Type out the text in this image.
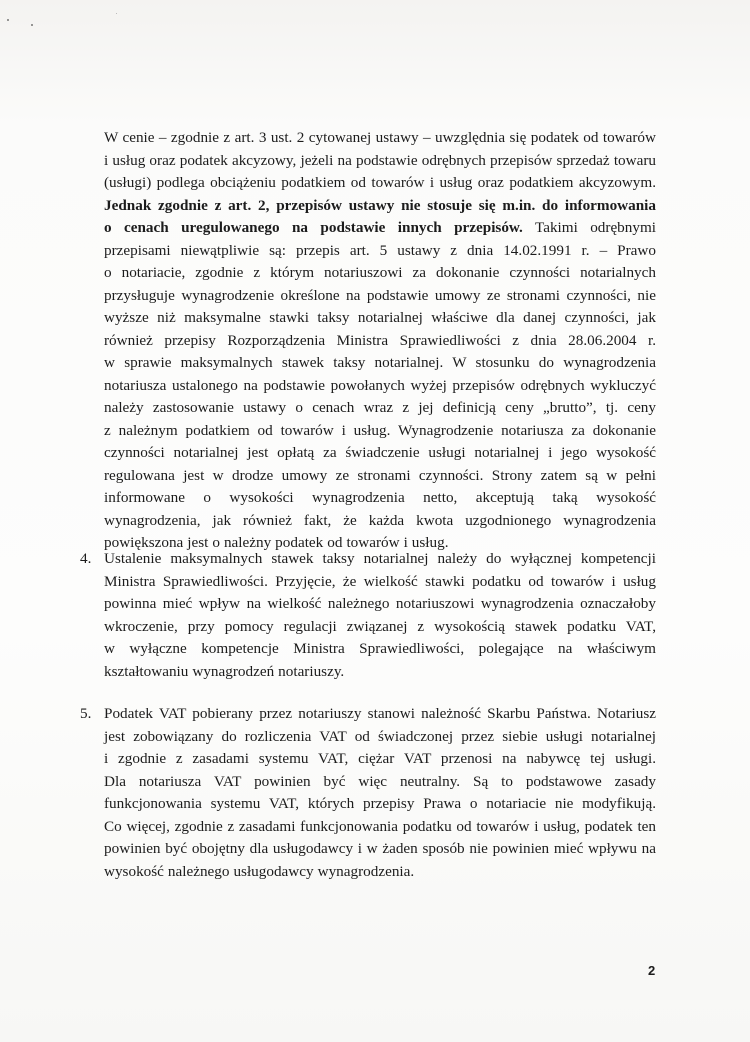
W cenie – zgodnie z art. 3 ust. 2 cytowanej ustawy – uwzględnia się podatek od towarów
i usług oraz podatek akcyzowy, jeżeli na podstawie odrębnych przepisów sprzedaż towaru
(usługi) podlega obciążeniu podatkiem od towarów i usług oraz podatkiem akcyzowym.
Jednak zgodnie z art. 2, przepisów ustawy nie stosuje się m.in. do informowania
o cenach uregulowanego na podstawie innych przepisów. Takimi odrębnymi
przepisami niewątpliwie są: przepis art. 5 ustawy z dnia 14.02.1991 r. – Prawo
o notariacie, zgodnie z którym notariuszowi za dokonanie czynności notarialnych
przysługuje wynagrodzenie określone na podstawie umowy ze stronami czynności, nie
wyższe niż maksymalne stawki taksy notarialnej właściwe dla danej czynności, jak
również przepisy Rozporządzenia Ministra Sprawiedliwości z dnia 28.06.2004 r.
w sprawie maksymalnych stawek taksy notarialnej. W stosunku do wynagrodzenia
notariusza ustalonego na podstawie powołanych wyżej przepisów odrębnych wykluczyć
należy zastosowanie ustawy o cenach wraz z jej definicją ceny „brutto”, tj. ceny
z należnym podatkiem od towarów i usług. Wynagrodzenie notariusza za dokonanie
czynności notarialnej jest opłatą za świadczenie usługi notarialnej i jego wysokość
regulowana jest w drodze umowy ze stronami czynności. Strony zatem są w pełni
informowane o wysokości wynagrodzenia netto, akceptują taką wysokość
wynagrodzenia, jak również fakt, że każda kwota uzgodnionego wynagrodzenia
powiększona jest o należny podatek od towarów i usług.
4. Ustalenie maksymalnych stawek taksy notarialnej należy do wyłącznej kompetencji
Ministra Sprawiedliwości. Przyjęcie, że wielkość stawki podatku od towarów i usług
powinna mieć wpływ na wielkość należnego notariuszowi wynagrodzenia oznaczałoby
wkroczenie, przy pomocy regulacji związanej z wysokością stawek podatku VAT,
w wyłączne kompetencje Ministra Sprawiedliwości, polegające na właściwym
kształtowaniu wynagrodzeń notariuszy.
5. Podatek VAT pobierany przez notariuszy stanowi należność Skarbu Państwa. Notariusz
jest zobowiązany do rozliczenia VAT od świadczonej przez siebie usługi notarialnej
i zgodnie z zasadami systemu VAT, ciężar VAT przenosi na nabywcę tej usługi.
Dla notariusza VAT powinien być więc neutralny. Są to podstawowe zasady
funkcjonowania systemu VAT, których przepisy Prawa o notariacie nie modyfikują.
Co więcej, zgodnie z zasadami funkcjonowania podatku od towarów i usług, podatek ten
powinien być obojętny dla usługodawcy i w żaden sposób nie powinien mieć wpływu na
wysokość należnego usługodawcy wynagrodzenia.
2
